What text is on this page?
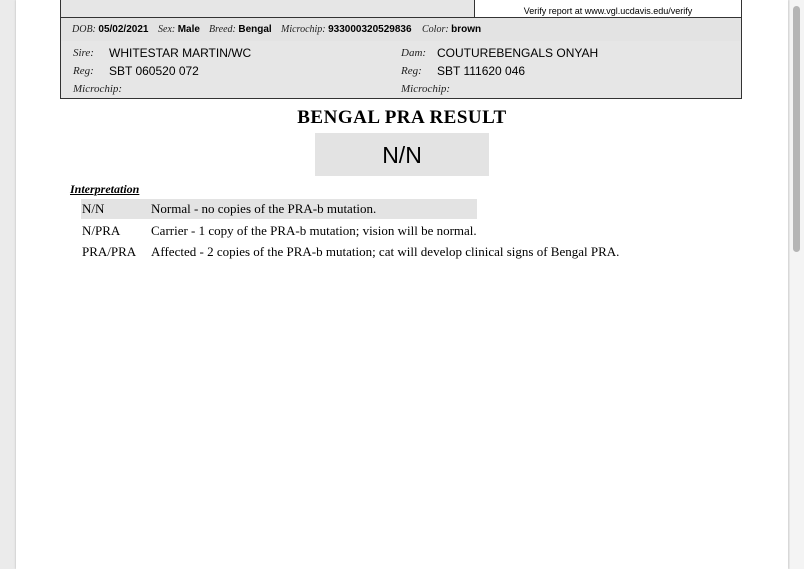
Verify report at www.vgl.ucdavis.edu/verify
DOB: 05/02/2021 Sex: Male Breed: Bengal Microchip: 933000320529836 Color: brown
Sire: WHITESTAR MARTIN/WC
Reg: SBT 060520 072
Microchip:
Dam: COUTUREBENGALS ONYAH
Reg: SBT 111620 046
Microchip:
BENGAL PRA RESULT
N/N
Interpretation
N/N	Normal - no copies of the PRA-b mutation.
N/PRA Carrier - 1 copy of the PRA-b mutation; vision will be normal.
PRA/PRA Affected - 2 copies of the PRA-b mutation; cat will develop clinical signs of Bengal PRA.
